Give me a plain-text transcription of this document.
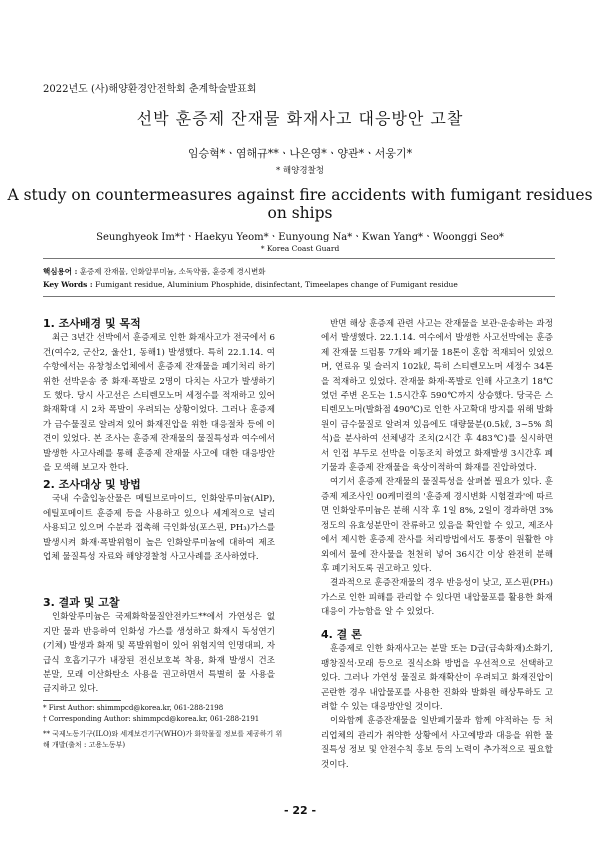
2022년도 (사)해양환경안전학회 춘계학술발표회
선박 훈증제 잔재물 화재사고 대응방안 고찰
임승혁*ㆍ염해규**ㆍ나은영*ㆍ양관*ㆍ서웅기*
* 해양경찰청
A study on countermeasures against fire accidents with fumigant residues on ships
Seunghyeok Im*†ㆍHaekyu Yeom*ㆍEunyoung Na*ㆍKwan Yang*ㆍWoonggi Seo*
* Korea Coast Guard
핵심용어 : 훈증제 잔재물, 인화알루미늄, 소독약품, 훈증제 경시변화
Key Words : Fumigant residue, Aluminium Phosphide, disinfectant, Timeelapes change of Fumigant residue
1. 조사배경 및 목적

최근 3년간 선박에서 훈증제로 인한 화재사고가 전국에서 6건(여수2, 군산2, 울산1, 동해1) 발생했다. 특히 22.1.14. 여수항에서는 유창청소업체에서 훈증제 잔재물을 폐기처리 하기위한 선박운송 중 화재·폭발로 2명이 다치는 사고가 발생하기도 했다. 당시 사고선은 스티렌모노머 세정수를 적재하고 있어 화재확대 시 2차 폭발이 우려되는 상황이었다. 그러나 훈증제가 금수물질로 알려져 있어 화재진압을 위한 대응절차 등에 이견이 있었다. 본 조사는 훈증제 잔재물의 물질특성과 여수에서 발생한 사고사례를 통해 훈증제 잔재물 사고에 대한 대응방안을 모색해 보고자 한다.

2. 조사대상 및 방법

국내 수출입농산물은 메틸브로마이드, 인화알루미늄(AlP), 에틸포메이트 훈증제 등을 사용하고 있으나 세계적으로 널리 사용되고 있으며 수분과 접촉해 극인화성(포스핀, PH₃)가스를 발생시켜 화재·폭발위험이 높은 인화알루미늄에 대하여 제조업체 물질특성 자료와 해양경찰청 사고사례를 조사하였다.

3. 결과 및 고찰

인화알루미늄은 국제화학물질안전카드**에서 가연성은 없지만 물과 반응하여 인화성 가스를 생성하고 화재시 독성연기(기체) 발생과 화재 및 폭발위험이 있어 위험지역 인명대피, 자급식 호흡기구가 내장된 전신보호복 착용, 화재 발생시 건조 분말, 모래 이산화탄소 사용을 권고하면서 특별히 물 사용을 금지하고 있다.

* First Author: shimmpcd@korea.kr, 061-288-2198
† Corresponding Author: shimmpcd@korea.kr, 061-288-2191
** 국제노동기구(ILO)와 세계보건기구(WHO)가 화학물질 정보를 제공하기 위해 개발(출처 : 고용노동부)

반면 해상 훈증제 관련 사고는 잔재물을 보관·운송하는 과정에서 발생했다. 22.1.14. 여수에서 발생한 사고선박에는 훈증제 잔재물 드럼통 7개와 폐기물 18톤이 혼합 적재되어 있었으며, 연료유 및 슬러지 102㎘, 특히 스티렌모노머 세정수 34톤을 적재하고 있었다. 잔재물 화재·폭발로 인해 사고초기 18℃였던 주변 온도는 1.5시간후 590℃까지 상승했다. 당국은 스티렌모노머(발화점 490℃)로 인한 사고확대 방지를 위해 발화원이 금수물질로 알려져 있음에도 대량물분(0.5㎘, 3~5% 희석)을 분사하여 선체냉각 조치(2시간 후 483℃)를 실시하면서 인접 부두로 선박을 이동조치 하였고 화재발생 3시간후 폐기물과 훈증제 잔재물을 육상이적하여 화재를 진압하였다.

여기서 훈증제 잔재물의 물질특성을 살펴볼 필요가 있다. 훈증제 제조사인 00케미컬의 '훈증제 경시변화 시험결과'에 따르면 인화알루미늄은 분해 시작 후 1일 8%, 2일이 경과하면 3% 정도의 유효성분만이 잔류하고 있음을 확인할 수 있고, 제조사에서 제시한 훈증제 잔사를 처리방법에서도 통풍이 원활한 야외에서 물에 잔사물을 천천히 넣어 36시간 이상 완전히 분해 후 폐기처도록 권고하고 있다.

결과적으로 훈증잔재물의 경우 반응성이 낮고, 포스핀(PH₃) 가스로 인한 피해를 관리할 수 있다면 내압물포를 활용한 화재대응이 가능함을 알 수 있었다.

4. 결 론

훈증제로 인한 화재사고는 분말 또는 D급(금속화재)소화기, 팽창질석·모래 등으로 질식소화 방법을 우선적으로 선택하고 있다. 그러나 가연성 물질로 화재확산이 우려되고 화재진압이 곤란한 경우 내압물포를 사용한 진화와 발화원 해상투하도 고려할 수 있는 대응방안일 것이다.

이와함께 훈증잔재물을 일반폐기물과 함께 야적하는 등 처리업체의 관리가 취약한 상황에서 사고예방과 대응을 위한 물질특성 정보 및 안전수칙 홍보 등의 노력이 추가적으로 필요할 것이다.

- 22 -
